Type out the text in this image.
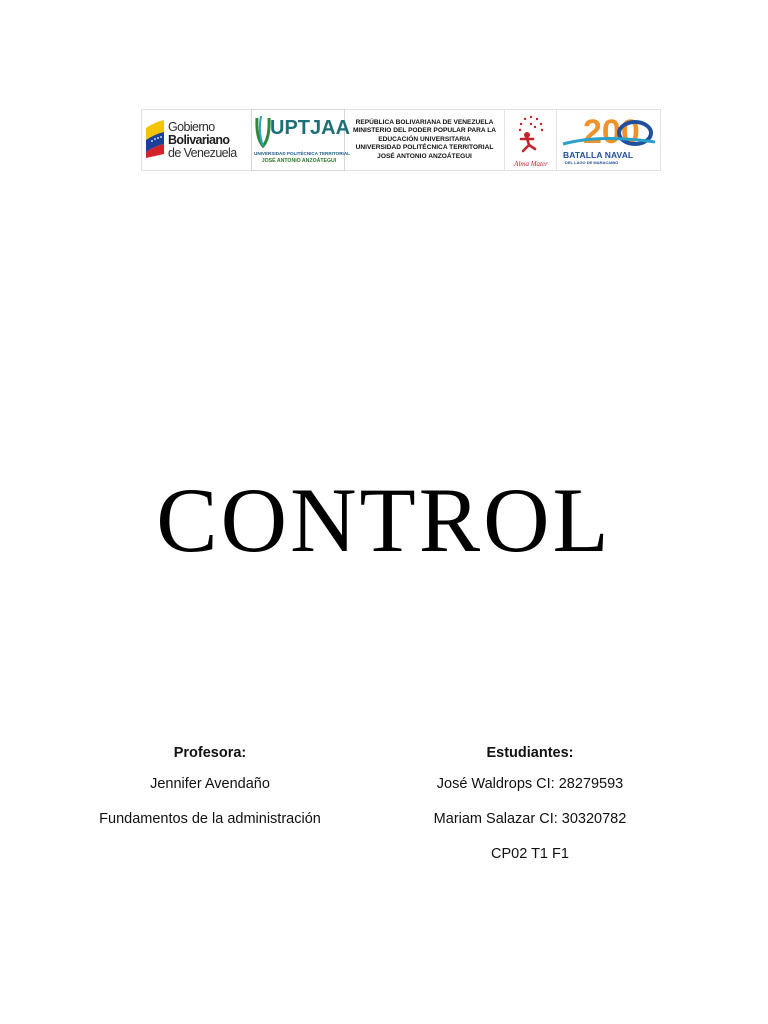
Gobierno Bolivariano
de Venezuela
UPTJAA
UNIVERSIDAD POLITÉCNICA TERRITORIAL
JOSÉ ANTONIO ANZOÁTEGUI
REPÚBLICA BOLIVARIANA DE VENEZUELA
MINISTERIO DEL PODER POPULAR PARA LA
EDUCACIÓN UNIVERSITARIA
UNIVERSIDAD POLITÉCNICA TERRITORIAL
JOSÉ ANTONIO ANZOÁTEGUI
Alma Mater
200
BATALLA NAVAL
DEL LAGO DE MARACAIBO
CONTROL
Profesora:
Jennifer Avendaño
Fundamentos de la administración
Estudiantes:
José Waldrops CI: 28279593
Mariam Salazar CI: 30320782
CP02 T1 F1
